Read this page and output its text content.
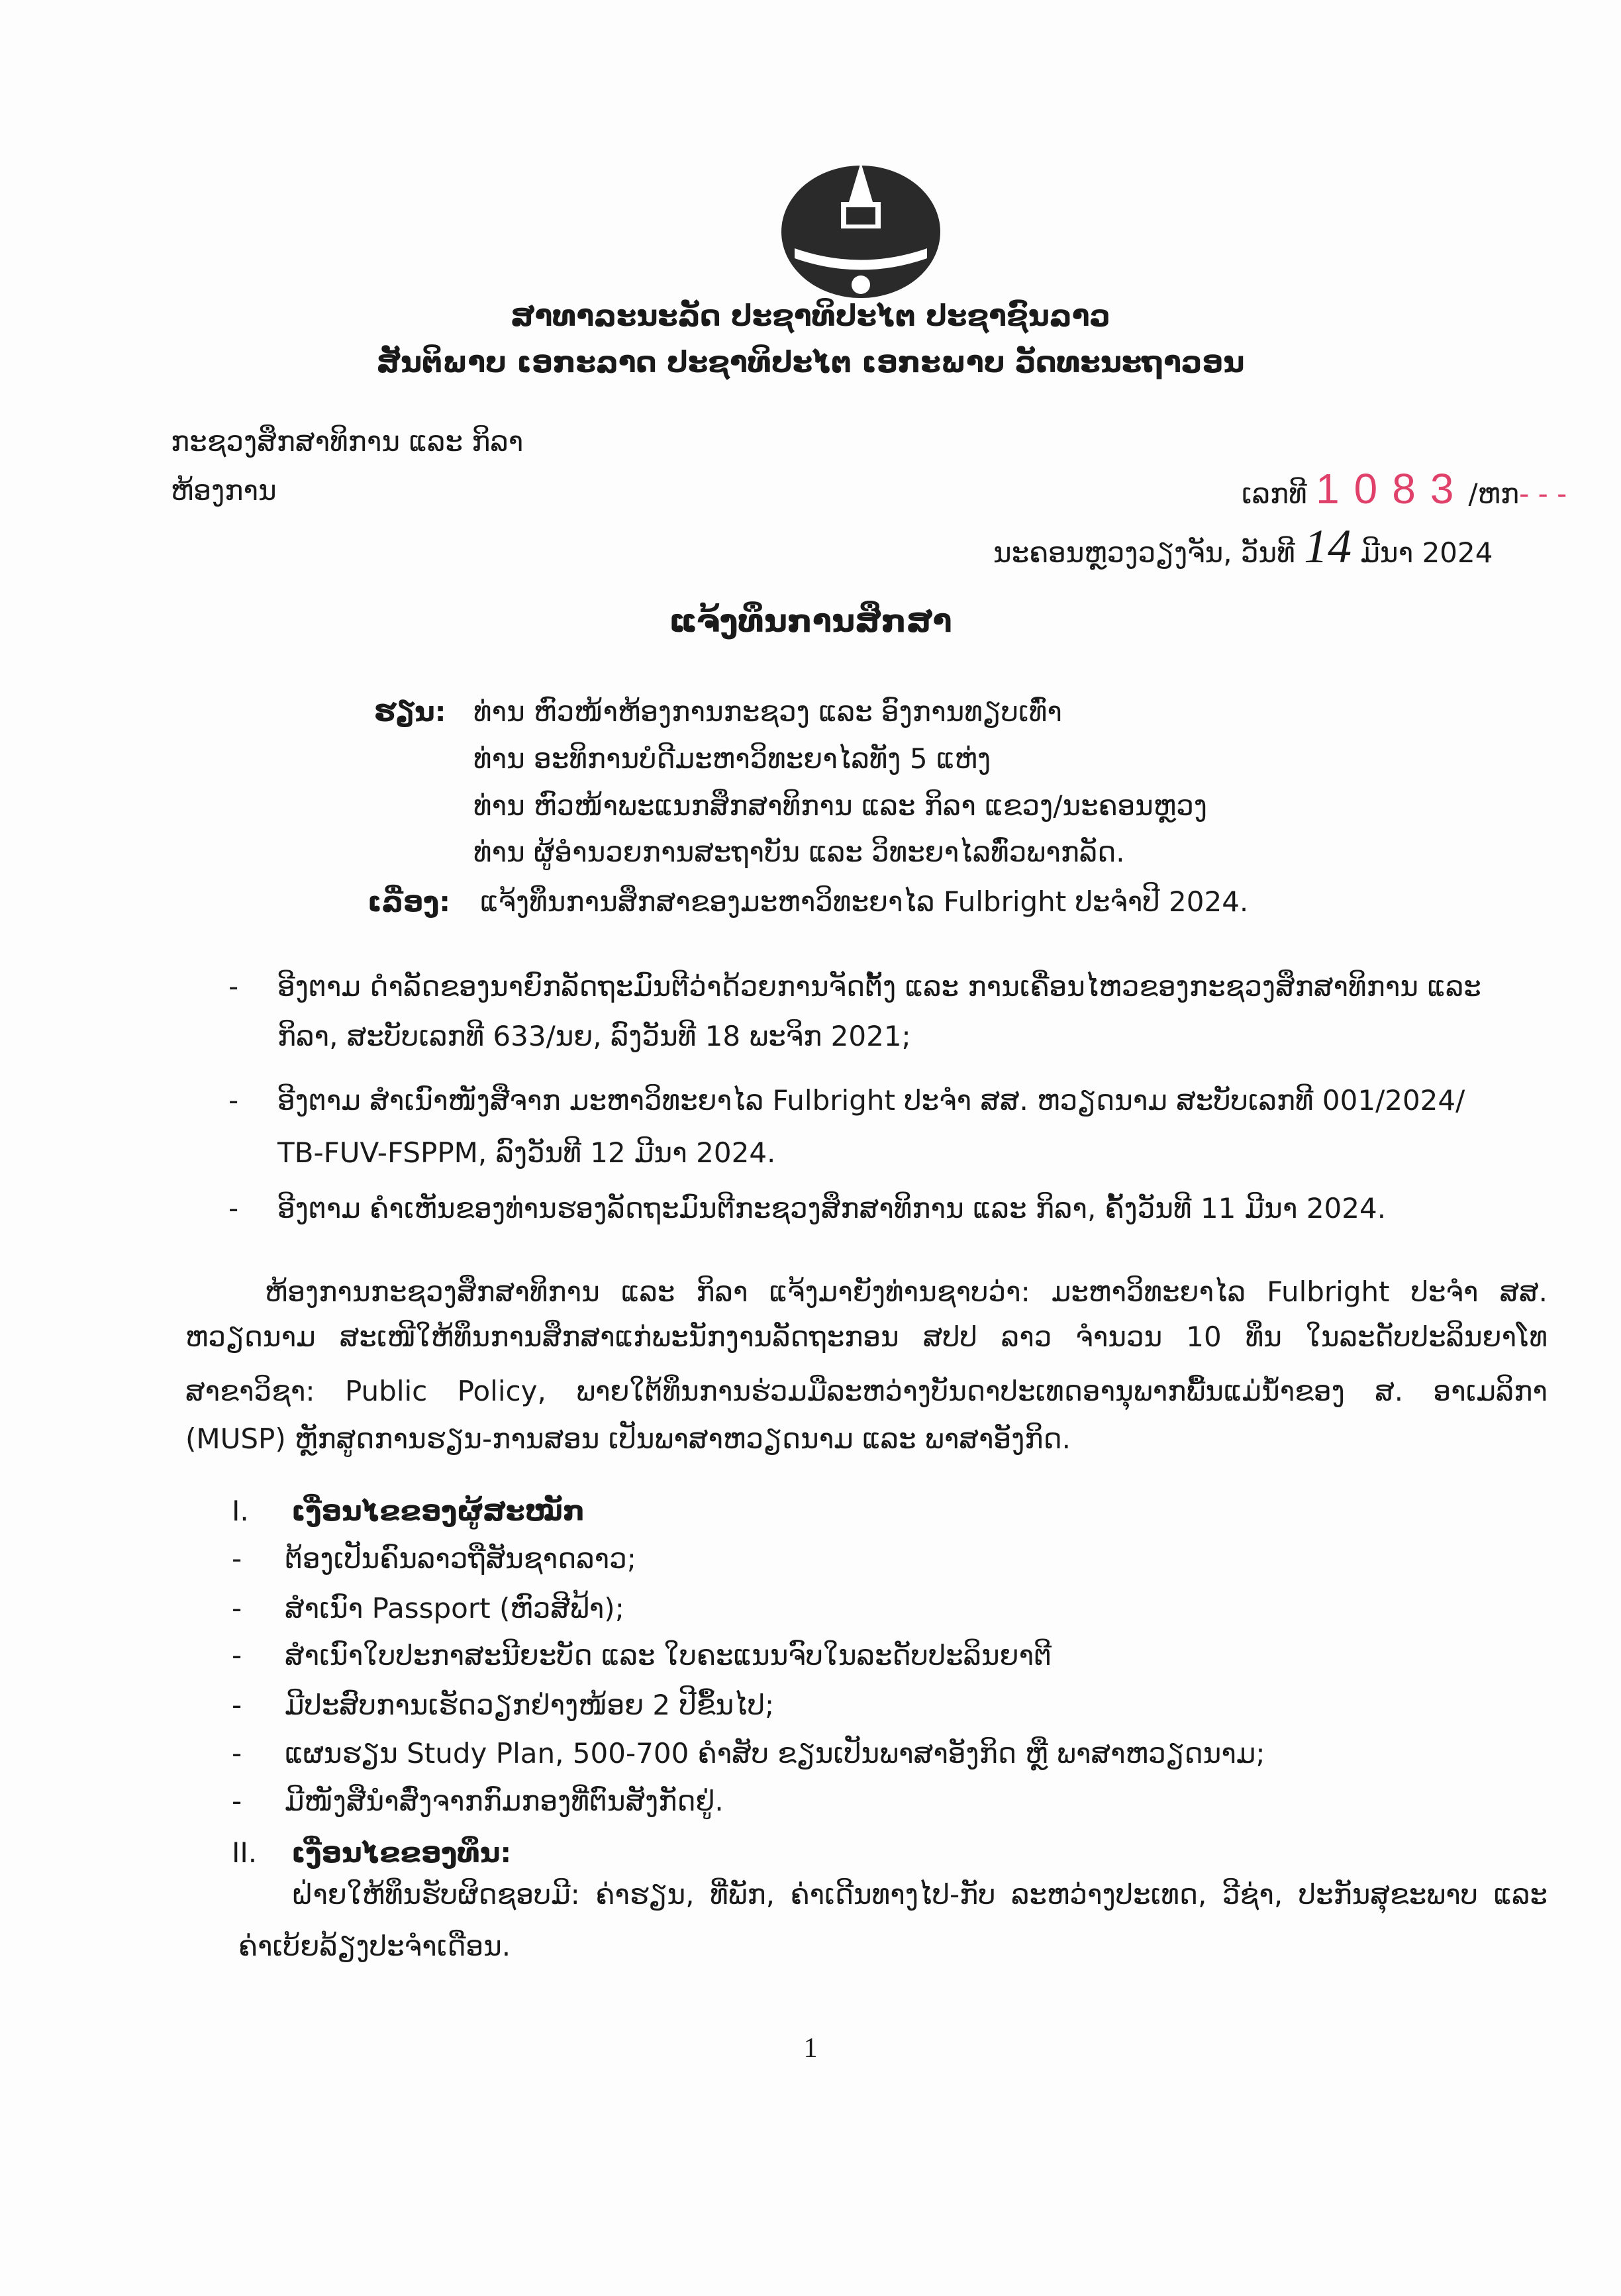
ສາທາລະນະລັດ ປະຊາທິປະໄຕ ປະຊາຊົນລາວ
ສັນຕິພາບ ເອກະລາດ ປະຊາທິປະໄຕ ເອກະພາບ ວັດທະນະຖາວອນ
ກະຊວງສຶກສາທິການ ແລະ ກິລາ
ຫ້ອງການ	ເລກທີ 1083/ຫກ- - -
ນະຄອນຫຼວງວຽງຈັນ, ວັນທີ 14 ມີນາ 2024
ແຈ້ງທຶນການສຶກສາ
ຮຽນ: ທ່ານ ຫົວໜ້າຫ້ອງການກະຊວງ ແລະ ອົງການທຽບເທົ່າ
ທ່ານ ອະທິການບໍດີມະຫາວິທະຍາໄລທັງ 5 ແຫ່ງ
ທ່ານ ຫົວໜ້າພະແນກສຶກສາທິການ ແລະ ກິລາ ແຂວງ/ນະຄອນຫຼວງ
ທ່ານ ຜູ້ອຳນວຍການສະຖາບັນ ແລະ ວິທະຍາໄລທົ່ວພາກລັດ.
ເລື່ອງ: ແຈ້ງທຶນການສຶກສາຂອງມະຫາວິທະຍາໄລ Fulbright ປະຈຳປີ 2024.
- ອີງຕາມ ດຳລັດຂອງນາຍົກລັດຖະມົນຕີວ່າດ້ວຍການຈັດຕັ້ງ ແລະ ການເຄື່ອນໄຫວຂອງກະຊວງສຶກສາທິການ ແລະ
ກິລາ, ສະບັບເລກທີ 633/ນຍ, ລົງວັນທີ 18 ພະຈິກ 2021;
- ອີງຕາມ ສຳເນົາໜັງສືຈາກ ມະຫາວິທະຍາໄລ Fulbright ປະຈຳ ສສ. ຫວຽດນາມ ສະບັບເລກທີ 001/2024/
TB-FUV-FSPPM, ລົງວັນທີ 12 ມີນາ 2024.
- ອີງຕາມ ຄຳເຫັນຂອງທ່ານຮອງລັດຖະມົນຕີກະຊວງສຶກສາທິການ ແລະ ກິລາ, ຄັ້ງວັນທີ 11 ມີນາ 2024.
ຫ້ອງການກະຊວງສຶກສາທິການ ແລະ ກິລາ ແຈ້ງມາຍັງທ່ານຊາບວ່າ: ມະຫາວິທະຍາໄລ Fulbright ປະຈຳ ສສ.
ຫວຽດນາມ ສະເໜີໃຫ້ທຶນການສຶກສາແກ່ພະນັກງານລັດຖະກອນ ສປປ ລາວ ຈຳນວນ 10 ທຶນ ໃນລະດັບປະລິນຍາໂທ
ສາຂາວິຊາ: Public Policy, ພາຍໃຕ້ທຶນການຮ່ວມມືລະຫວ່າງບັນດາປະເທດອານຸພາກພື້ນແມ່ນ້ຳຂອງ ສ. ອາເມລິກາ
(MUSP) ຫຼັກສູດການຮຽນ-ການສອນ ເປັນພາສາຫວຽດນາມ ແລະ ພາສາອັງກິດ.
I. ເງື່ອນໄຂຂອງຜູ້ສະໝັກ
- ຕ້ອງເປັນຄົນລາວຖືສັນຊາດລາວ;
- ສຳເນົາ Passport (ຫົວສີຟ້າ);
- ສຳເນົາໃບປະກາສະນີຍະບັດ ແລະ ໃບຄະແນນຈົບໃນລະດັບປະລິນຍາຕີ
- ມີປະສົບການເຮັດວຽກຢ່າງໜ້ອຍ 2 ປີຂຶ້ນໄປ;
- ແຜນຮຽນ Study Plan, 500-700 ຄຳສັບ ຂຽນເປັນພາສາອັງກິດ ຫຼື ພາສາຫວຽດນາມ;
- ມີໜັງສືນຳສົ່ງຈາກກົມກອງທີ່ຕົນສັງກັດຢູ່.
II. ເງື່ອນໄຂຂອງທຶນ:
ຝ່າຍໃຫ້ທຶນຮັບຜິດຊອບມີ: ຄ່າຮຽນ, ທີ່ພັກ, ຄ່າເດີນທາງໄປ-ກັບ ລະຫວ່າງປະເທດ, ວີຊ່າ, ປະກັນສຸຂະພາບ ແລະ
ຄ່າເບ້ຍລ້ຽງປະຈຳເດືອນ.
1
